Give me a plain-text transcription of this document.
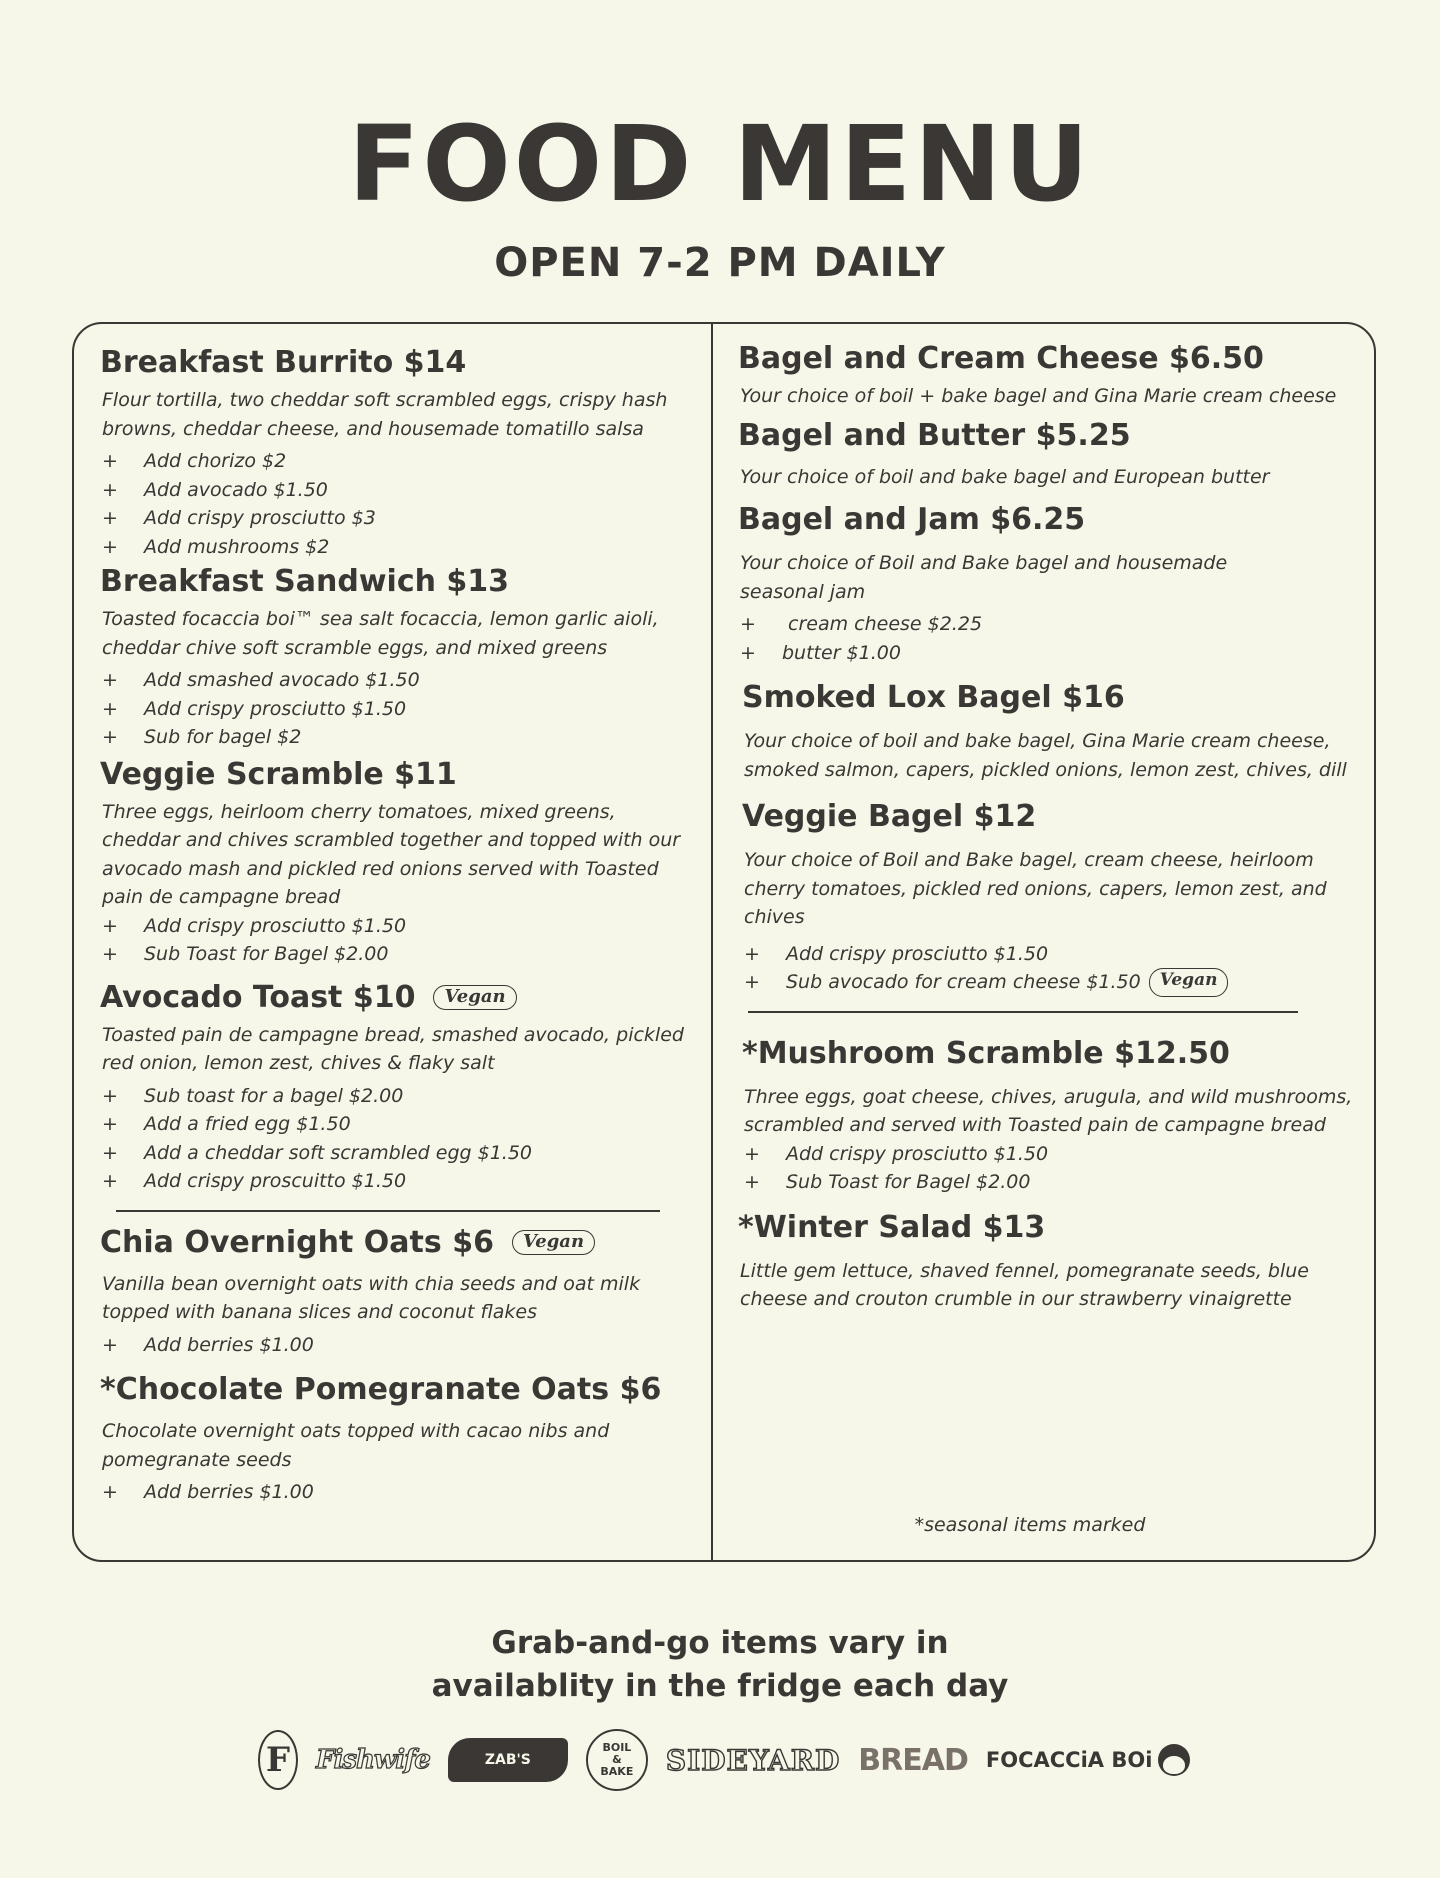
FOOD MENU
OPEN 7-2 PM DAILY
Breakfast Burrito $14
Flour tortilla, two cheddar soft scrambled eggs, crispy hash browns, cheddar cheese, and housemade tomatillo salsa
+	Add chorizo $2
+	Add avocado $1.50
+	Add crispy prosciutto $3
+	Add mushrooms $2
Breakfast Sandwich $13
Toasted focaccia boi™ sea salt focaccia, lemon garlic aioli, cheddar chive soft scramble eggs, and mixed greens
+	Add smashed avocado $1.50
+	Add crispy prosciutto $1.50
+	Sub for bagel $2
Veggie Scramble $11
Three eggs, heirloom cherry tomatoes, mixed greens, cheddar and chives scrambled together and topped with our avocado mash and pickled red onions served with Toasted pain de campagne bread
+	Add crispy prosciutto $1.50
+	Sub Toast for Bagel $2.00
Avocado Toast $10	Vegan
Toasted pain de campagne bread, smashed avocado, pickled red onion, lemon zest, chives & flaky salt
+	Sub toast for a bagel $2.00
+	Add a fried egg $1.50
+	Add a cheddar soft scrambled egg $1.50
+	Add crispy proscuitto $1.50
Chia Overnight Oats $6	Vegan
Vanilla bean overnight oats with chia seeds and oat milk topped with banana slices and coconut flakes
+	Add berries $1.00
*Chocolate Pomegranate Oats $6
Chocolate overnight oats topped with cacao nibs and pomegranate seeds
+	Add berries $1.00
Bagel and Cream Cheese $6.50
Your choice of boil + bake bagel and Gina Marie cream cheese
Bagel and Butter $5.25
Your choice of boil and bake bagel and European butter
Bagel and Jam $6.25
Your choice of Boil and Bake bagel and housemade seasonal jam
+	cream cheese $2.25
+	butter $1.00
Smoked Lox Bagel $16
Your choice of boil and bake bagel, Gina Marie cream cheese, smoked salmon, capers, pickled onions, lemon zest, chives, dill
Veggie Bagel $12
Your choice of Boil and Bake bagel, cream cheese, heirloom cherry tomatoes, pickled red onions, capers, lemon zest, and chives
+	Add crispy prosciutto $1.50
+	Sub avocado for cream cheese $1.50	Vegan
*Mushroom Scramble $12.50
Three eggs, goat cheese, chives, arugula, and wild mushrooms, scrambled and served with Toasted pain de campagne bread
+	Add crispy prosciutto $1.50
+	Sub Toast for Bagel $2.00
*Winter Salad $13
Little gem lettuce, shaved fennel, pomegranate seeds, blue cheese and crouton crumble in our strawberry vinaigrette
*seasonal items marked
Grab-and-go items vary in
availablity in the fridge each day
F Fishwife	ZAB'S
BOIL
&
BAKE SIDEYARD BREAD FOCACCiA BOi
